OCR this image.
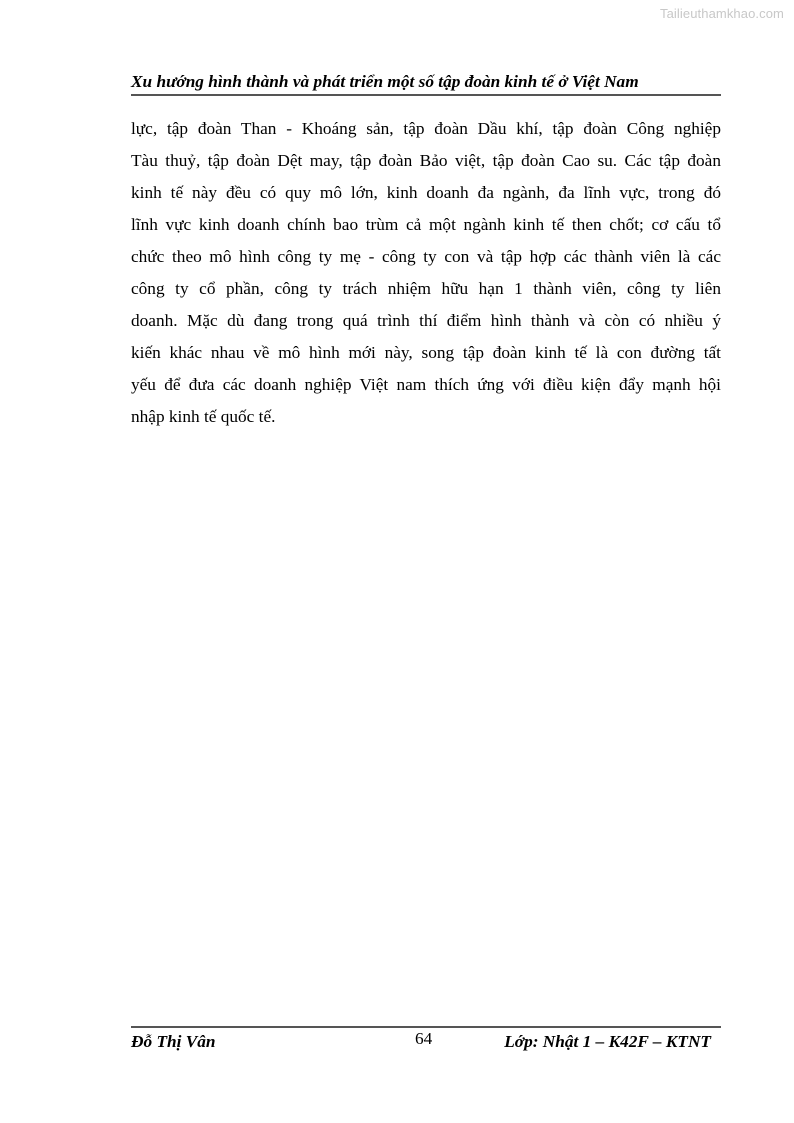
Tailieuthamkhao.com
Xu hướng hình thành và phát triển một số tập đoàn kinh tế ở Việt Nam
lực, tập đoàn Than - Khoáng sản, tập đoàn Dầu khí, tập đoàn Công nghiệp
Tàu thuỷ, tập đoàn Dệt may, tập đoàn Bảo việt, tập đoàn Cao su. Các tập đoàn
kinh tế này đều có quy mô lớn, kinh doanh đa ngành, đa lĩnh vực, trong đó
lĩnh vực kinh doanh chính bao trùm cả một ngành kinh tế then chốt; cơ cấu tổ
chức theo mô hình công ty mẹ - công ty con và tập hợp các thành viên là các
công ty cổ phần, công ty trách nhiệm hữu hạn 1 thành viên, công ty liên
doanh. Mặc dù đang trong quá trình thí điểm hình thành và còn có nhiều ý
kiến khác nhau về mô hình mới này, song tập đoàn kinh tế là con đường tất
yếu để đưa các doanh nghiệp Việt nam thích ứng với điều kiện đẩy mạnh hội
nhập kinh tế quốc tế.
Đỗ Thị Vân	64	Lớp: Nhật 1 – K42F – KTNT
